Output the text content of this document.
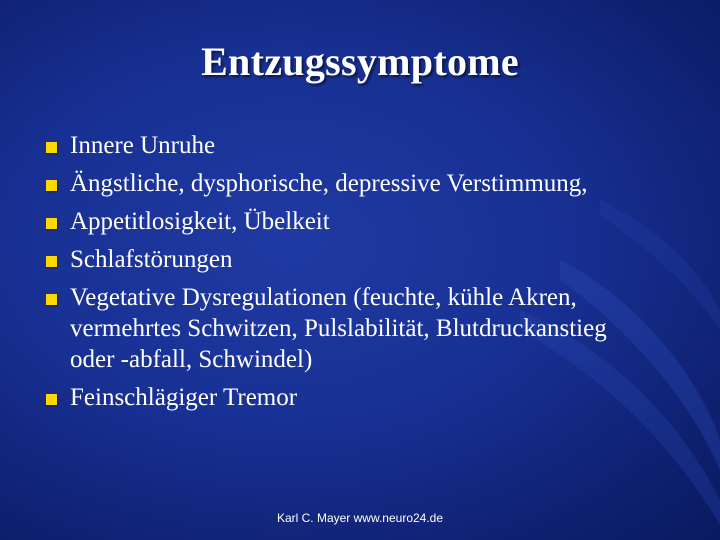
Entzugssymptome
Innere Unruhe
Ängstliche, dysphorische, depressive Verstimmung,
Appetitlosigkeit, Übelkeit
Schlafstörungen
Vegetative Dysregulationen (feuchte, kühle Akren, vermehrtes Schwitzen, Pulslabilität, Blutdruckanstieg oder -abfall, Schwindel)
Feinschlägiger Tremor
Karl C. Mayer www.neuro24.de
